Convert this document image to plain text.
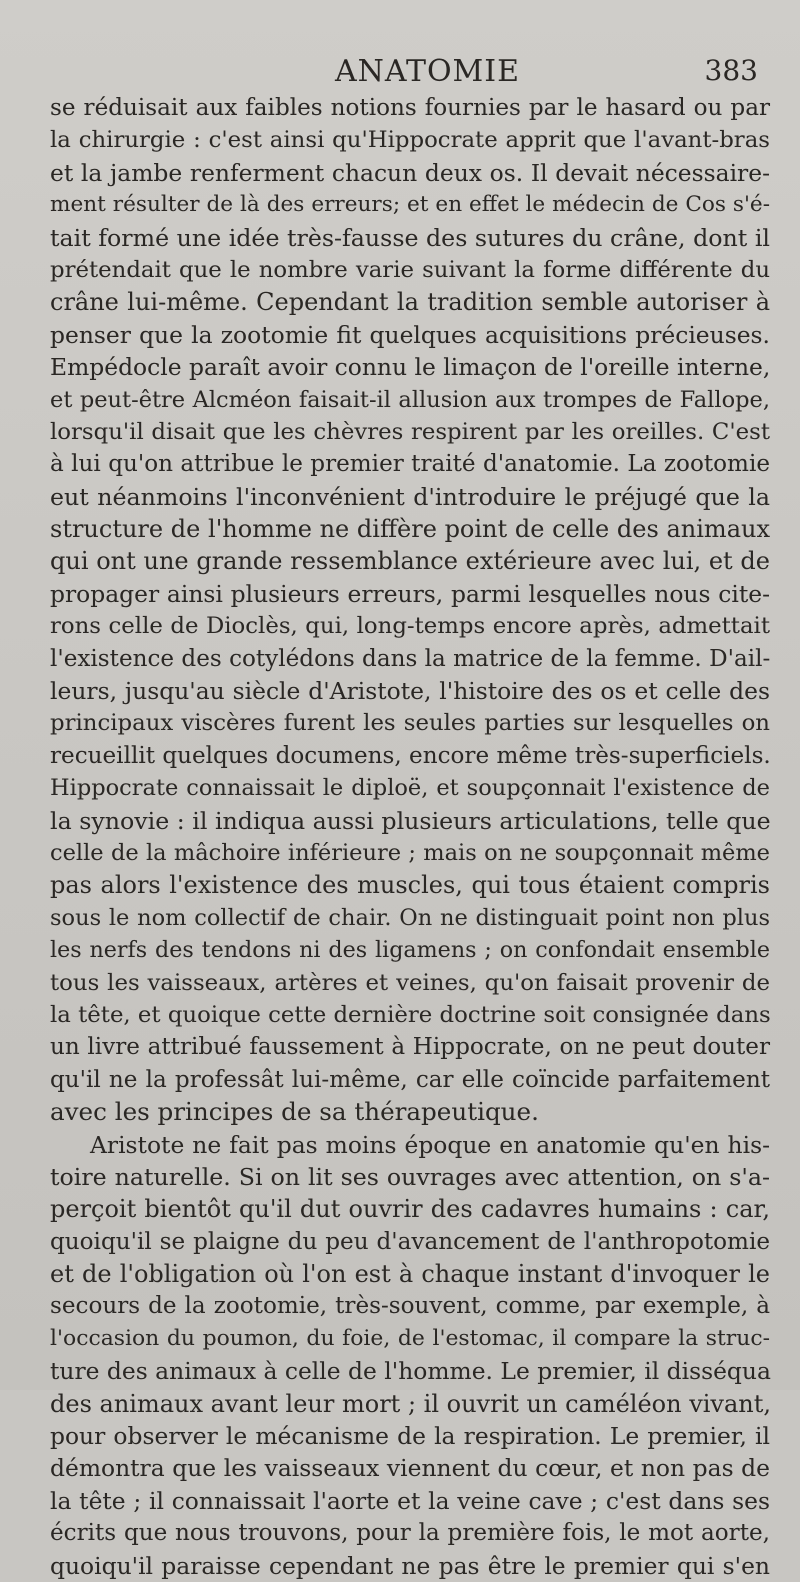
ANATOMIE	383
se réduisait aux faibles notions fournies par le hasard ou par
la chirurgie : c'est ainsi qu'Hippocrate apprit que l'avant-bras
et la jambe renferment chacun deux os. Il devait nécessaire-
ment résulter de là des erreurs; et en effet le médecin de Cos s'é-
tait formé une idée très-fausse des sutures du crâne, dont il
prétendait que le nombre varie suivant la forme différente du
crâne lui-même. Cependant la tradition semble autoriser à
penser que la zootomie fit quelques acquisitions précieuses.
Empédocle paraît avoir connu le limaçon de l'oreille interne,
et peut-être Alcméon faisait-il allusion aux trompes de Fallope,
lorsqu'il disait que les chèvres respirent par les oreilles. C'est
à lui qu'on attribue le premier traité d'anatomie. La zootomie
eut néanmoins l'inconvénient d'introduire le préjugé que la
structure de l'homme ne diffère point de celle des animaux
qui ont une grande ressemblance extérieure avec lui, et de
propager ainsi plusieurs erreurs, parmi lesquelles nous cite-
rons celle de Dioclès, qui, long-temps encore après, admettait
l'existence des cotylédons dans la matrice de la femme. D'ail-
leurs, jusqu'au siècle d'Aristote, l'histoire des os et celle des
principaux viscères furent les seules parties sur lesquelles on
recueillit quelques documens, encore même très-superficiels.
Hippocrate connaissait le diploë, et soupçonnait l'existence de
la synovie : il indiqua aussi plusieurs articulations, telle que
celle de la mâchoire inférieure ; mais on ne soupçonnait même
pas alors l'existence des muscles, qui tous étaient compris
sous le nom collectif de chair. On ne distinguait point non plus
les nerfs des tendons ni des ligamens ; on confondait ensemble
tous les vaisseaux, artères et veines, qu'on faisait provenir de
la tête, et quoique cette dernière doctrine soit consignée dans
un livre attribué faussement à Hippocrate, on ne peut douter
qu'il ne la professât lui-même, car elle coïncide parfaitement
avec les principes de sa thérapeutique.
Aristote ne fait pas moins époque en anatomie qu'en his-
toire naturelle. Si on lit ses ouvrages avec attention, on s'a-
perçoit bientôt qu'il dut ouvrir des cadavres humains : car,
quoiqu'il se plaigne du peu d'avancement de l'anthropotomie
et de l'obligation où l'on est à chaque instant d'invoquer le
secours de la zootomie, très-souvent, comme, par exemple, à
l'occasion du poumon, du foie, de l'estomac, il compare la struc-
ture des animaux à celle de l'homme. Le premier, il disséqua
des animaux avant leur mort ; il ouvrit un caméléon vivant,
pour observer le mécanisme de la respiration. Le premier, il
démontra que les vaisseaux viennent du cœur, et non pas de
la tête ; il connaissait l'aorte et la veine cave ; c'est dans ses
écrits que nous trouvons, pour la première fois, le mot aorte,
quoiqu'il paraisse cependant ne pas être le premier qui s'en
